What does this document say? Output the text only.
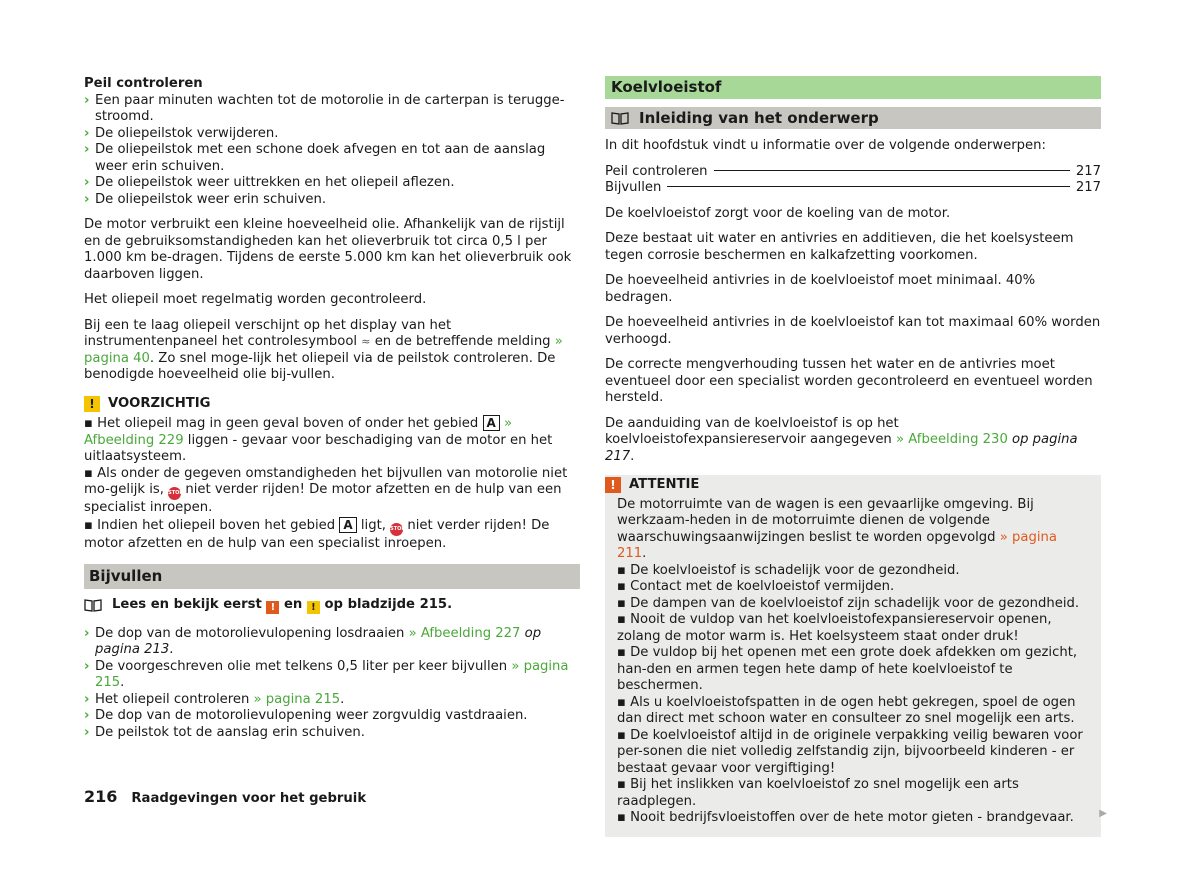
Peil controleren

› Een paar minuten wachten tot de motorolie in de carterpan is terugge-stroomd.
› De oliepeilstok verwijderen.
› De oliepeilstok met een schone doek afvegen en tot aan de aanslag weer erin schuiven.
› De oliepeilstok weer uittrekken en het oliepeil aflezen.
› De oliepeilstok weer erin schuiven.

De motor verbruikt een kleine hoeveelheid olie. Afhankelijk van de rijstijl en de gebruiksomstandigheden kan het olieverbruik tot circa 0,5 l per 1.000 km be-dragen. Tijdens de eerste 5.000 km kan het olieverbruik ook daarboven liggen.

Het oliepeil moet regelmatig worden gecontroleerd.

Bij een te laag oliepeil verschijnt op het display van het instrumentenpaneel het controlesymbool ≈ en de betreffende melding » pagina 40. Zo snel moge-lijk het oliepeil via de peilstok controleren. De benodigde hoeveelheid olie bij-vullen.

!	VOORZICHTIG

▪ Het oliepeil mag in geen geval boven of onder het gebied A » Afbeelding 229 liggen - gevaar voor beschadiging van de motor en het uitlaatsysteem.

▪ Als onder de gegeven omstandigheden het bijvullen van motorolie niet mo-gelijk is, STOP niet verder rijden! De motor afzetten en de hulp van een specialist inroepen.

▪ Indien het oliepeil boven het gebied A ligt, STOP niet verder rijden! De motor afzetten en de hulp van een specialist inroepen.

Bijvullen
Lees en bekijk eerst ! en ! op bladzijde 215.
› De dop van de motorolievulopening losdraaien » Afbeelding 227 op pagina 213.
› De voorgeschreven olie met telkens 0,5 liter per keer bijvullen » pagina 215.
› Het oliepeil controleren » pagina 215.
› De dop van de motorolievulopening weer zorgvuldig vastdraaien.
› De peilstok tot de aanslag erin schuiven.
Koelvloeistof
Inleiding van het onderwerp

In dit hoofdstuk vindt u informatie over de volgende onderwerpen:

Peil controleren	217
Bijvullen	217

De koelvloeistof zorgt voor de koeling van de motor.

Deze bestaat uit water en antivries en additieven, die het koelsysteem tegen corrosie beschermen en kalkafzetting voorkomen.

De hoeveelheid antivries in de koelvloeistof moet minimaal. 40% bedragen.

De hoeveelheid antivries in de koelvloeistof kan tot maximaal 60% worden verhoogd.

De correcte mengverhouding tussen het water en de antivries moet eventueel door een specialist worden gecontroleerd en eventueel worden hersteld.

De aanduiding van de koelvloeistof is op het koelvloeistofexpansiereservoir aangegeven » Afbeelding 230 op pagina 217.

!	ATTENTIE

De motorruimte van de wagen is een gevaarlijke omgeving. Bij werkzaam-heden in de motorruimte dienen de volgende waarschuwingsaanwijzingen beslist te worden opgevolgd » pagina 211.

▪ De koelvloeistof is schadelijk voor de gezondheid.

▪ Contact met de koelvloeistof vermijden.

▪ De dampen van de koelvloeistof zijn schadelijk voor de gezondheid.

▪ Nooit de vuldop van het koelvloeistofexpansiereservoir openen, zolang de motor warm is. Het koelsysteem staat onder druk!

▪ De vuldop bij het openen met een grote doek afdekken om gezicht, han-den en armen tegen hete damp of hete koelvloeistof te beschermen.

▪ Als u koelvloeistofspatten in de ogen hebt gekregen, spoel de ogen dan direct met schoon water en consulteer zo snel mogelijk een arts.

▪ De koelvloeistof altijd in de originele verpakking veilig bewaren voor per-sonen die niet volledig zelfstandig zijn, bijvoorbeeld kinderen - er bestaat gevaar voor vergiftiging!

▪ Bij het inslikken van koelvloeistof zo snel mogelijk een arts raadplegen.

▪ Nooit bedrijfsvloeistoffen over de hete motor gieten - brandgevaar.	▶
216 Raadgevingen voor het gebruik
